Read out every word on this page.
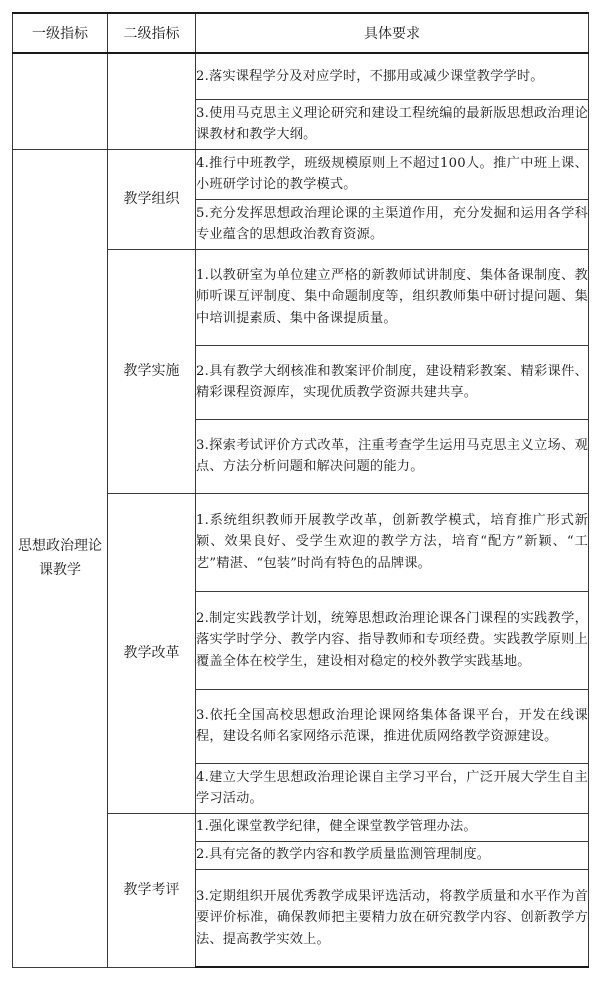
一级指标	二级指标	具体要求
		2.落实课程学分及对应学时，不挪用或减少课堂教学学时。
		3.使用马克思主义理论研究和建设工程统编的最新版思想政治理论课教材和教学大纲。
思想政治理论课教学	教学组织	4.推行中班教学，班级规模原则上不超过100人。推广中班上课、小班研学讨论的教学模式。
		5.充分发挥思想政治理论课的主渠道作用，充分发掘和运用各学科专业蕴含的思想政治教育资源。
	教学实施	1.以教研室为单位建立严格的新教师试讲制度、集体备课制度、教师听课互评制度、集中命题制度等，组织教师集中研讨提问题、集中培训提素质、集中备课提质量。
		2.具有教学大纲核准和教案评价制度，建设精彩教案、精彩课件、精彩课程资源库，实现优质教学资源共建共享。
		3.探索考试评价方式改革，注重考查学生运用马克思主义立场、观点、方法分析问题和解决问题的能力。
	教学改革	1.系统组织教师开展教学改革，创新教学模式，培育推广形式新颖、效果良好、受学生欢迎的教学方法，培育“配方”新颖、“工艺”精湛、“包装”时尚有特色的品牌课。
		2.制定实践教学计划，统筹思想政治理论课各门课程的实践教学，落实学时学分、教学内容、指导教师和专项经费。实践教学原则上覆盖全体在校学生，建设相对稳定的校外教学实践基地。
		3.依托全国高校思想政治理论课网络集体备课平台，开发在线课程，建设名师名家网络示范课，推进优质网络教学资源建设。
		4.建立大学生思想政治理论课自主学习平台，广泛开展大学生自主学习活动。
	教学考评	1.强化课堂教学纪律，健全课堂教学管理办法。
		2.具有完备的教学内容和教学质量监测管理制度。
		3.定期组织开展优秀教学成果评选活动，将教学质量和水平作为首要评价标准，确保教师把主要精力放在研究教学内容、创新教学方法、提高教学实效上。
